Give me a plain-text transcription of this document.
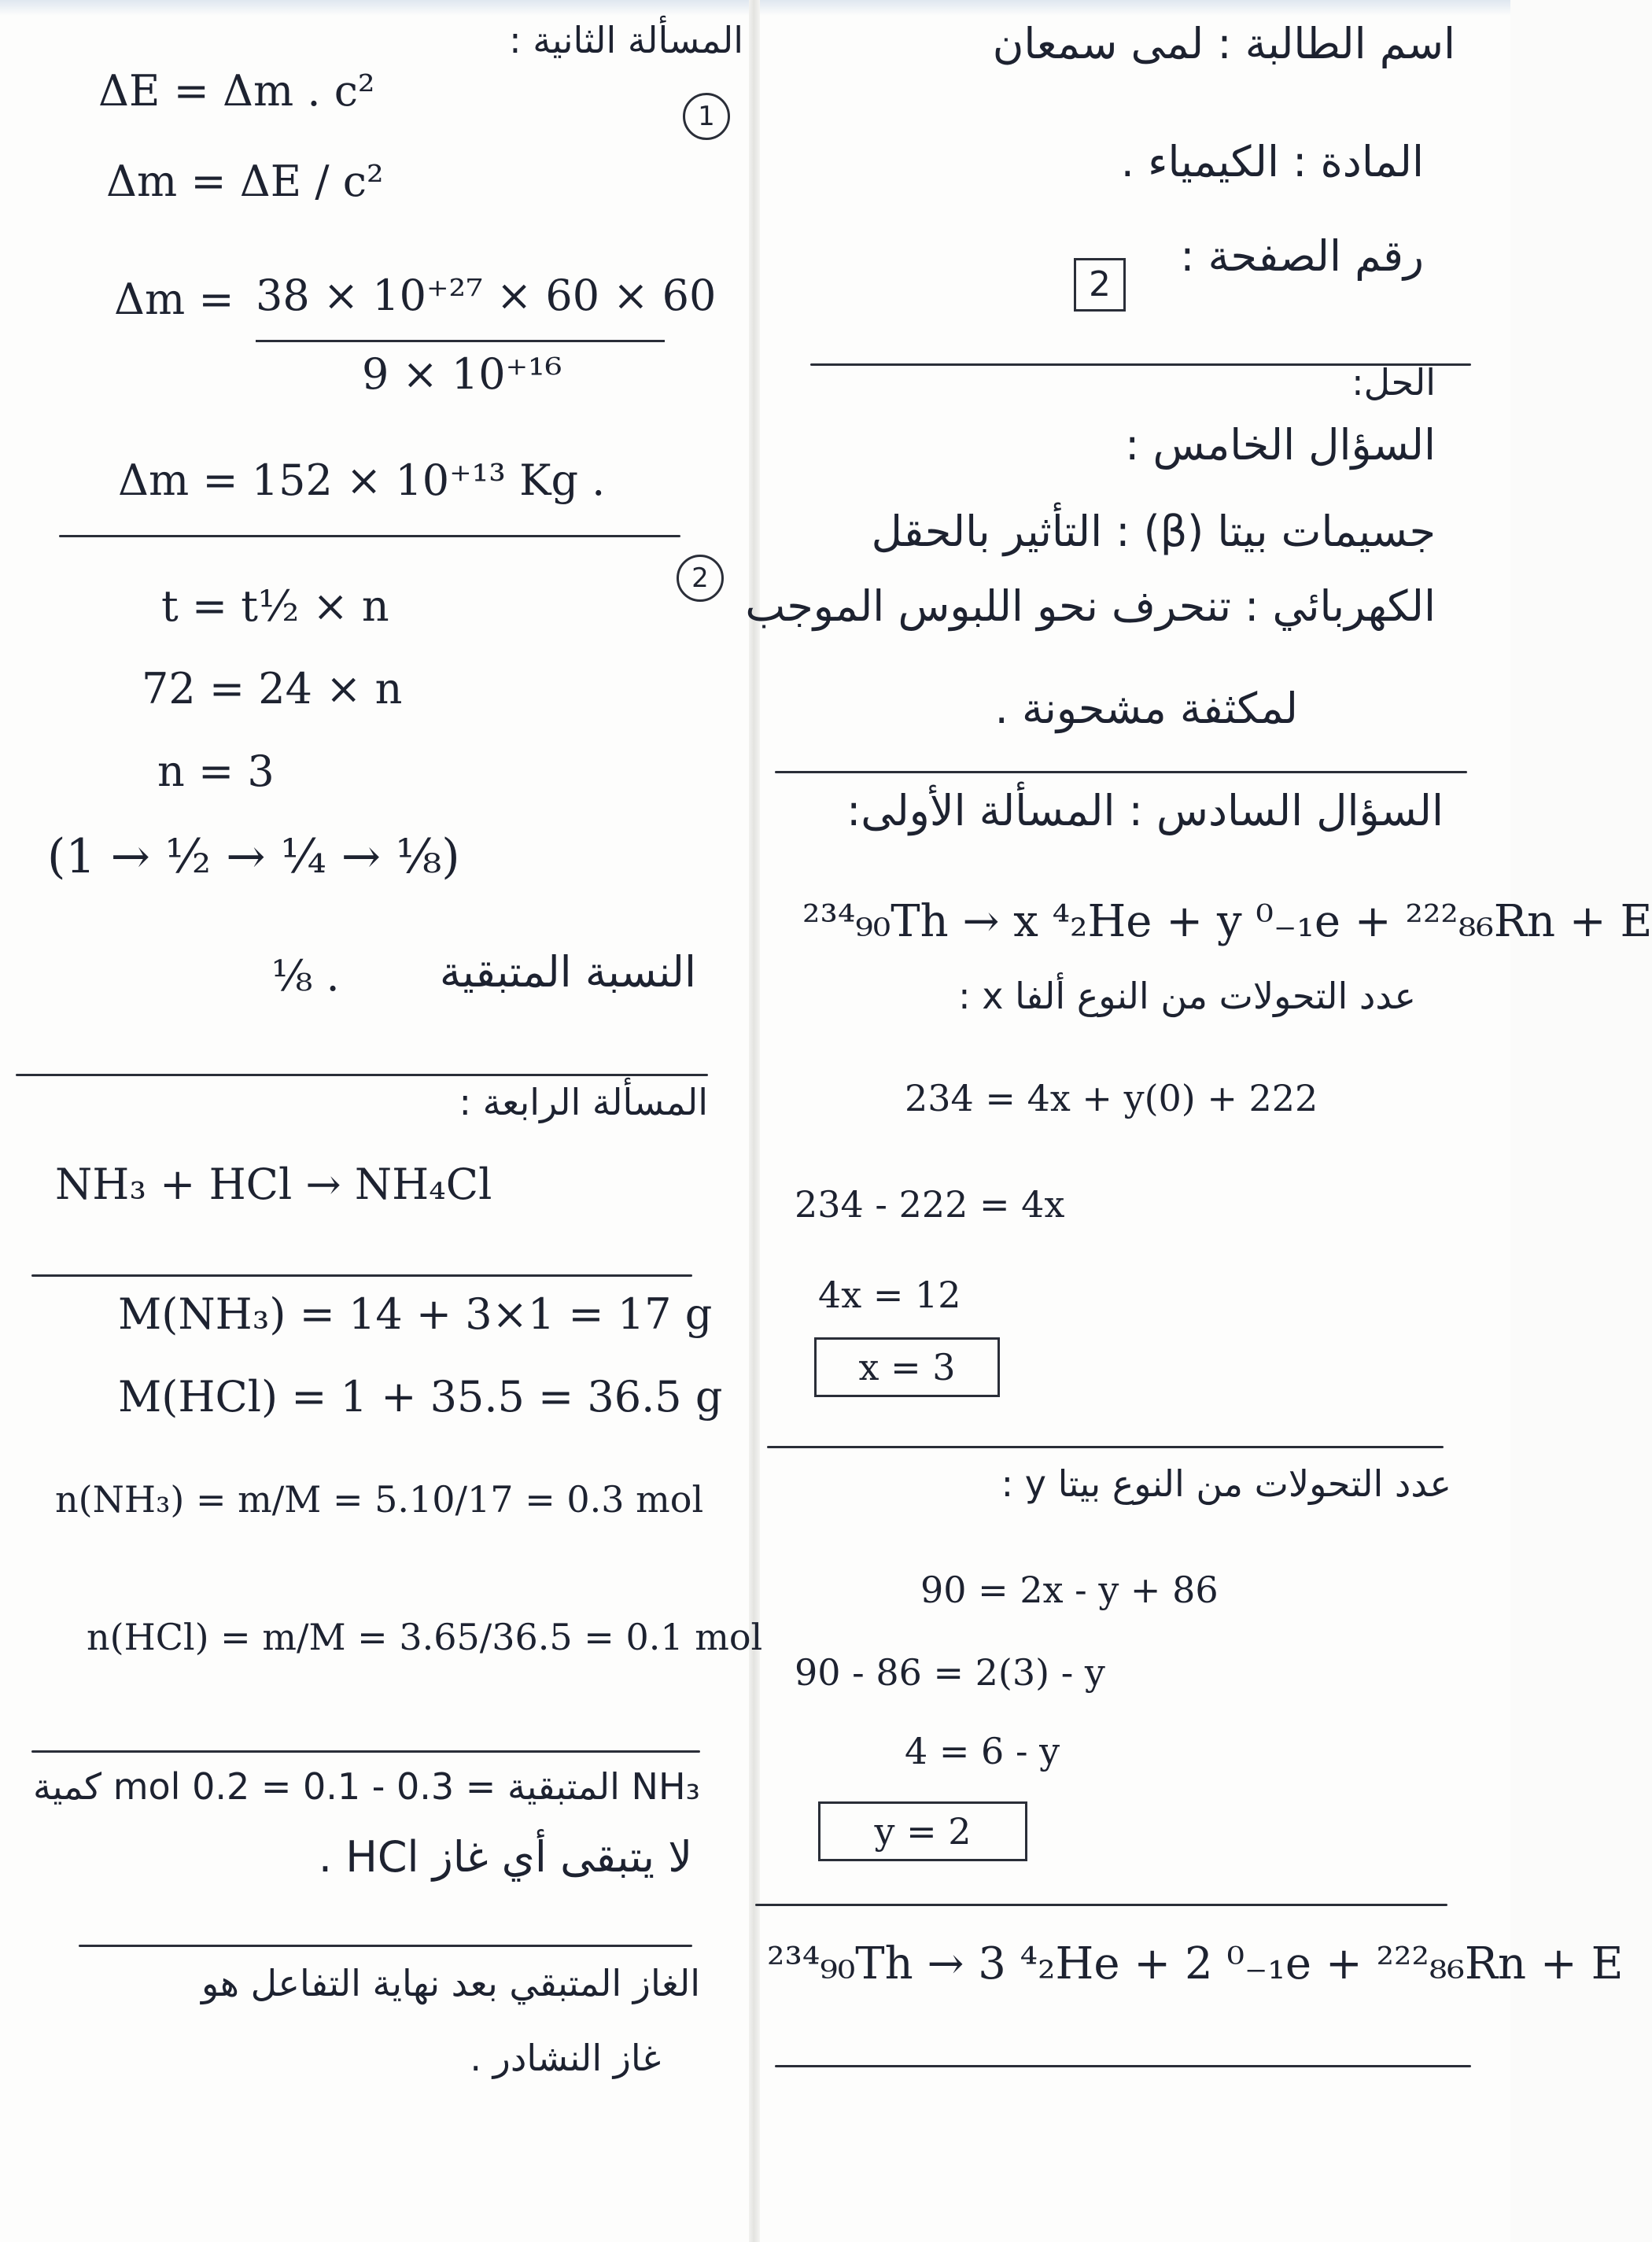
اسم الطالبة : لمى سمعان
المادة : الكيمياء .
رقم الصفحة :
2
الحل:
السؤال الخامس :
جسيمات بيتا (β) : التأثير بالحقل
الكهربائي : تنحرف نحو اللبوس الموجب
لمكثفة مشحونة .
السؤال السادس : المسألة الأولى:
²³⁴₉₀Th → x ⁴₂He + y ⁰₋₁e + ²²²₈₆Rn + E
عدد التحولات من النوع ألفا x :
234 = 4x + y(0) + 222
234 - 222 = 4x
4x = 12
x = 3
عدد التحولات من النوع بيتا y :
90 = 2x - y + 86
90 - 86 = 2(3) - y
4 = 6 - y
y = 2
²³⁴₉₀Th → 3 ⁴₂He + 2 ⁰₋₁e + ²²²₈₆Rn + E
المسألة الثانية :
ΔE = Δm . c²
1
Δm = ΔE / c²
Δm = 38 × 10⁺²⁷ × 60 × 60
9 × 10⁺¹⁶
Δm = 152 × 10⁺¹³ Kg .
t = t½ × n
2
72 = 24 × n
n = 3
(1 → ½ → ¼ → ⅛)
⅛ .	النسبة المتبقية
المسألة الرابعة :
NH₃ + HCl → NH₄Cl
M(NH₃) = 14 + 3×1 = 17 g
M(HCl) = 1 + 35.5 = 36.5 g
n(NH₃) = m/M = 5.10/17 = 0.3 mol
n(HCl) = m/M = 3.65/36.5 = 0.1 mol
NH₃ المتبقية = 0.3 - 0.1 = 0.2 mol كمية
لا يتبقى أي غاز HCl .
الغاز المتبقي بعد نهاية التفاعل هو
غاز النشادر .
